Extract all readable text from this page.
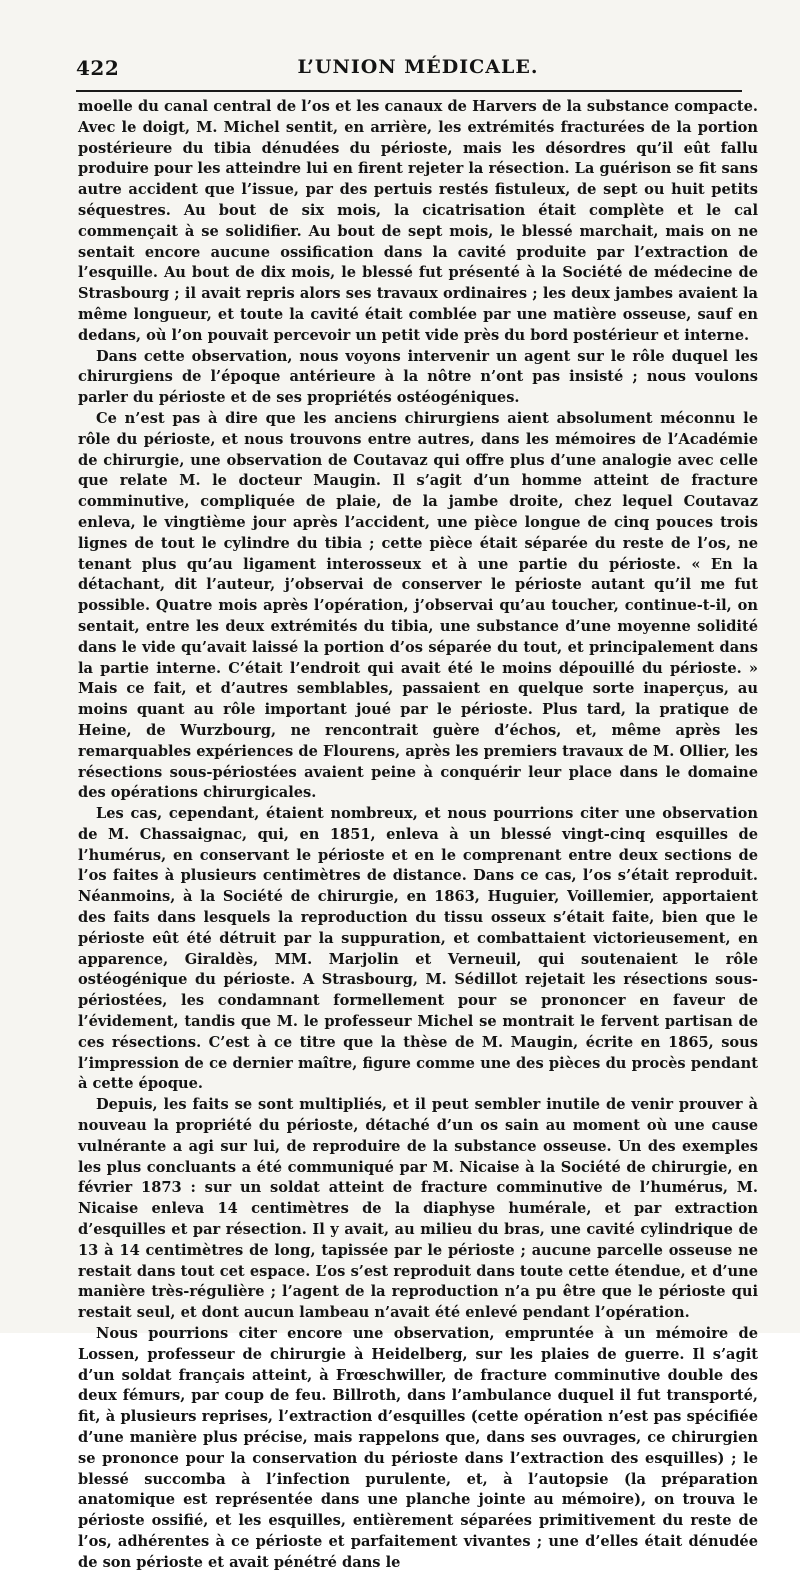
422	L’UNION MÉDICALE.

moelle du canal central de l’os et les canaux de Harvers de la substance compacte. Avec le doigt, M. Michel sentit, en arrière, les extrémités fracturées de la portion postérieure du tibia dénudées du périoste, mais les désordres qu’il eût fallu produire pour les atteindre lui en firent rejeter la résection. La guérison se fit sans autre accident que l’issue, par des pertuis restés fistuleux, de sept ou huit petits séquestres. Au bout de six mois, la cicatrisation était complète et le cal commençait à se solidifier. Au bout de sept mois, le blessé marchait, mais on ne sentait encore aucune ossification dans la cavité produite par l’extraction de l’esquille. Au bout de dix mois, le blessé fut présenté à la Société de médecine de Strasbourg ; il avait repris alors ses travaux ordinaires ; les deux jambes avaient la même longueur, et toute la cavité était comblée par une matière osseuse, sauf en dedans, où l’on pouvait percevoir un petit vide près du bord postérieur et interne.

Dans cette observation, nous voyons intervenir un agent sur le rôle duquel les chirurgiens de l’époque antérieure à la nôtre n’ont pas insisté ; nous voulons parler du périoste et de ses propriétés ostéogéniques.

Ce n’est pas à dire que les anciens chirurgiens aient absolument méconnu le rôle du périoste, et nous trouvons entre autres, dans les mémoires de l’Académie de chirurgie, une observation de Coutavaz qui offre plus d’une analogie avec celle que relate M. le docteur Maugin. Il s’agit d’un homme atteint de fracture comminutive, compliquée de plaie, de la jambe droite, chez lequel Coutavaz enleva, le vingtième jour après l’accident, une pièce longue de cinq pouces trois lignes de tout le cylindre du tibia ; cette pièce était séparée du reste de l’os, ne tenant plus qu’au ligament interosseux et à une partie du périoste. « En la détachant, dit l’auteur, j’observai de conserver le périoste autant qu’il me fut possible. Quatre mois après l’opération, j’observai qu’au toucher, continue-t-il, on sentait, entre les deux extrémités du tibia, une substance d’une moyenne solidité dans le vide qu’avait laissé la portion d’os séparée du tout, et principalement dans la partie interne. C’était l’endroit qui avait été le moins dépouillé du périoste. » Mais ce fait, et d’autres semblables, passaient en quelque sorte inaperçus, au moins quant au rôle important joué par le périoste. Plus tard, la pratique de Heine, de Wurzbourg, ne rencontrait guère d’échos, et, même après les remarquables expériences de Flourens, après les premiers travaux de M. Ollier, les résections sous-périostées avaient peine à conquérir leur place dans le domaine des opérations chirurgicales.

Les cas, cependant, étaient nombreux, et nous pourrions citer une observation de M. Chassaignac, qui, en 1851, enleva à un blessé vingt-cinq esquilles de l’humérus, en conservant le périoste et en le comprenant entre deux sections de l’os faites à plusieurs centimètres de distance. Dans ce cas, l’os s’était reproduit. Néanmoins, à la Société de chirurgie, en 1863, Huguier, Voillemier, apportaient des faits dans lesquels la reproduction du tissu osseux s’était faite, bien que le périoste eût été détruit par la suppuration, et combattaient victorieusement, en apparence, Giraldès, MM. Marjolin et Verneuil, qui soutenaient le rôle ostéogénique du périoste. A Strasbourg, M. Sédillot rejetait les résections sous-périostées, les condamnant formellement pour se prononcer en faveur de l’évidement, tandis que M. le professeur Michel se montrait le fervent partisan de ces résections. C’est à ce titre que la thèse de M. Maugin, écrite en 1865, sous l’impression de ce dernier maître, figure comme une des pièces du procès pendant à cette époque.

Depuis, les faits se sont multipliés, et il peut sembler inutile de venir prouver à nouveau la propriété du périoste, détaché d’un os sain au moment où une cause vulnérante a agi sur lui, de reproduire de la substance osseuse. Un des exemples les plus concluants a été communiqué par M. Nicaise à la Société de chirurgie, en février 1873 : sur un soldat atteint de fracture comminutive de l’humérus, M. Nicaise enleva 14 centimètres de la diaphyse humérale, et par extraction d’esquilles et par résection. Il y avait, au milieu du bras, une cavité cylindrique de 13 à 14 centimètres de long, tapissée par le périoste ; aucune parcelle osseuse ne restait dans tout cet espace. L’os s’est reproduit dans toute cette étendue, et d’une manière très-régulière ; l’agent de la reproduction n’a pu être que le périoste qui restait seul, et dont aucun lambeau n’avait été enlevé pendant l’opération.

Nous pourrions citer encore une observation, empruntée à un mémoire de Lossen, professeur de chirurgie à Heidelberg, sur les plaies de guerre. Il s’agit d’un soldat français atteint, à Frœschwiller, de fracture comminutive double des deux fémurs, par coup de feu. Billroth, dans l’ambulance duquel il fut transporté, fit, à plusieurs reprises, l’extraction d’esquilles (cette opération n’est pas spécifiée d’une manière plus précise, mais rappelons que, dans ses ouvrages, ce chirurgien se prononce pour la conservation du périoste dans l’extraction des esquilles) ; le blessé succomba à l’infection purulente, et, à l’autopsie (la préparation anatomique est représentée dans une planche jointe au mémoire), on trouva le périoste ossifié, et les esquilles, entièrement séparées primitivement du reste de l’os, adhérentes à ce périoste et parfaitement vivantes ; une d’elles était dénudée de son périoste et avait pénétré dans le
